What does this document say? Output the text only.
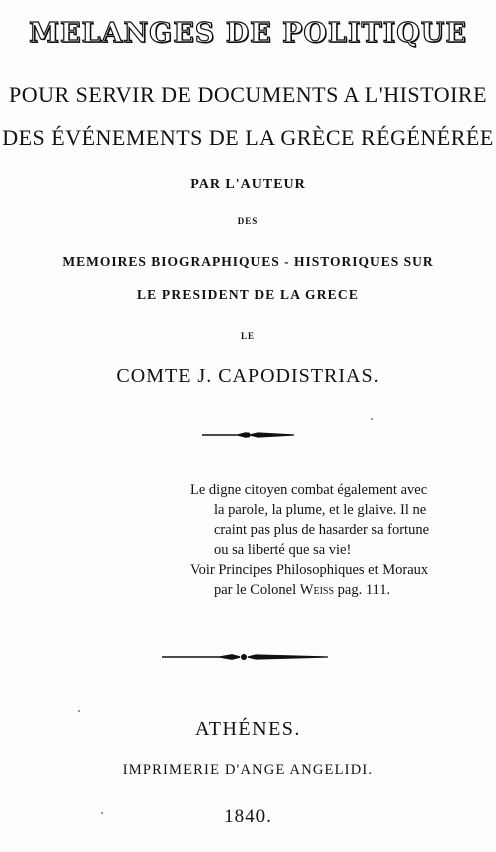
MELANGES DE POLITIQUE
POUR SERVIR DE DOCUMENTS A L'HISTOIRE
DES ÉVÉNEMENTS DE LA GRÈCE RÉGÉNÉRÉE
PAR L'AUTEUR
DES
MEMOIRES BIOGRAPHIQUES - HISTORIQUES SUR
LE PRESIDENT DE LA GRECE
LE
COMTE J. CAPODISTRIAS.
Le digne citoyen combat également avec
la parole, la plume, et le glaive. Il ne
craint pas plus de hasarder sa fortune
ou sa liberté que sa vie!
Voir Principes Philosophiques et Moraux
par le Colonel Weiss pag. 111.
ATHÉNES.
IMPRIMERIE D'ANGE ANGELIDI.
1840.
